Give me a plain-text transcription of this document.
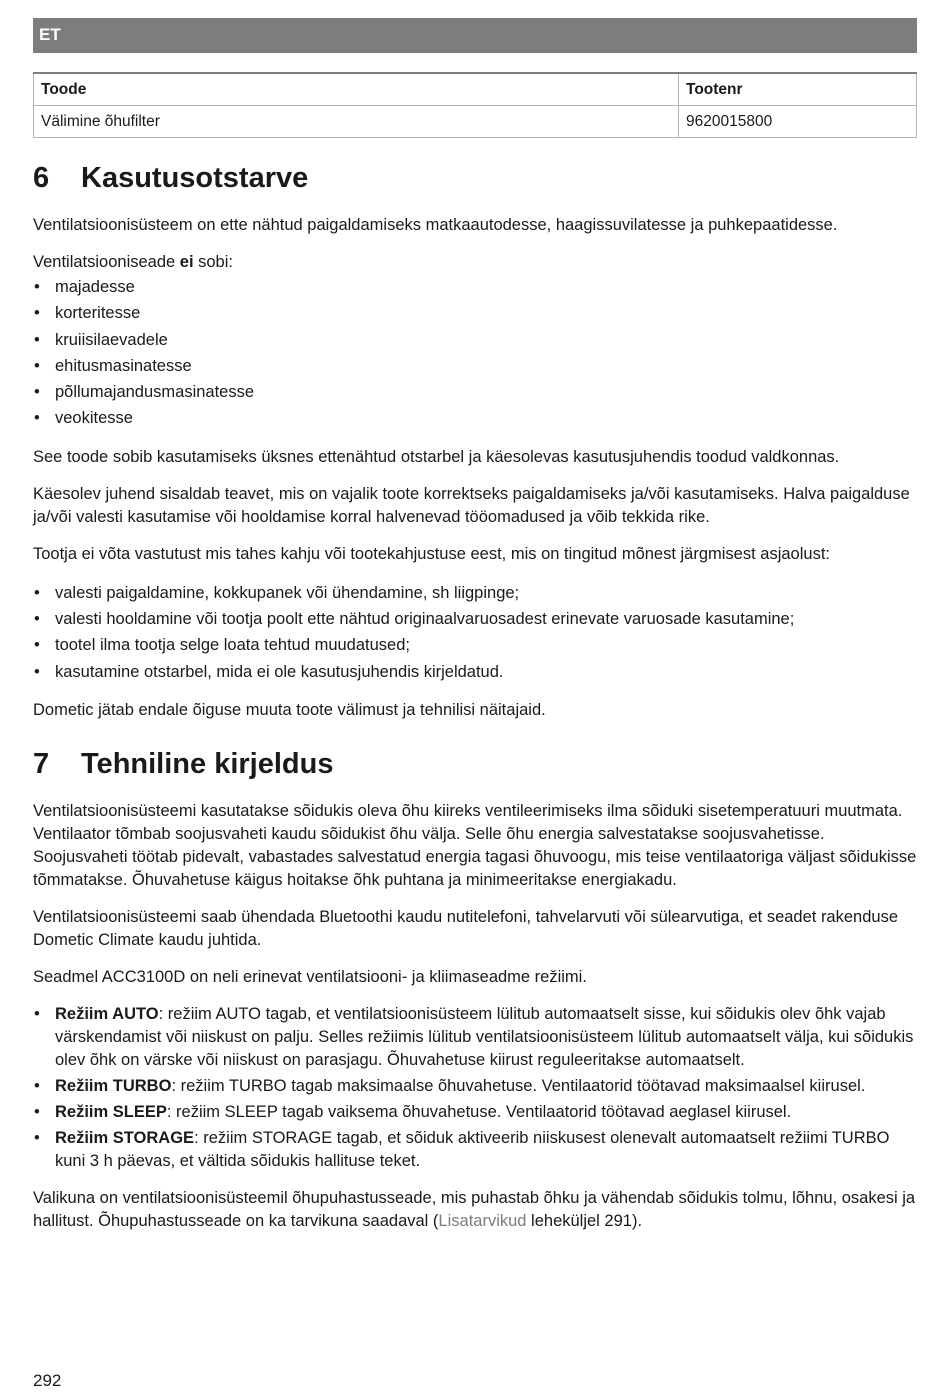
ET
Toode	Tootenr
Välimine õhufilter	9620015800
6	Kasutusotstarve

Ventilatsioonisüsteem on ette nähtud paigaldamiseks matkaautodesse, haagissuvilatesse ja puhkepaatidesse.

Ventilatsiooniseade ei sobi:

• majadesse
• korteritesse
• kruiisilaevadele
• ehitusmasinatesse
• põllumajandusmasinatesse
• veokitesse

See toode sobib kasutamiseks üksnes ettenähtud otstarbel ja käesolevas kasutusjuhendis toodud valdkonnas.

Käesolev juhend sisaldab teavet, mis on vajalik toote korrektseks paigaldamiseks ja/või kasutamiseks. Halva paigalduse ja/või valesti kasutamise või hooldamise korral halvenevad tööomadused ja võib tekkida rike.

Tootja ei võta vastutust mis tahes kahju või tootekahjustuse eest, mis on tingitud mõnest järgmisest asjaolust:

• valesti paigaldamine, kokkupanek või ühendamine, sh liigpinge;
• valesti hooldamine või tootja poolt ette nähtud originaalvaruosadest erinevate varuosade kasutamine;
• tootel ilma tootja selge loata tehtud muudatused;
• kasutamine otstarbel, mida ei ole kasutusjuhendis kirjeldatud.

Dometic jätab endale õiguse muuta toote välimust ja tehnilisi näitajaid.

7	Tehniline kirjeldus

Ventilatsioonisüsteemi kasutatakse sõidukis oleva õhu kiireks ventileerimiseks ilma sõiduki sisetemperatuuri muutmata. Ventilaator tõmbab soojusvaheti kaudu sõidukist õhu välja. Selle õhu energia salvestatakse soojusvahetisse. Soojusvaheti töötab pidevalt, vabastades salvestatud energia tagasi õhuvoogu, mis teise ventilaatoriga väljast sõidukisse tõmmatakse. Õhuvahetuse käigus hoitakse õhk puhtana ja minimeeritakse energiakadu.

Ventilatsioonisüsteemi saab ühendada Bluetoothi kaudu nutitelefoni, tahvelarvuti või sülearvutiga, et seadet rakenduse Dometic Climate kaudu juhtida.

Seadmel ACC3100D on neli erinevat ventilatsiooni- ja kliimaseadme režiimi.

• Režiim AUTO: režiim AUTO tagab, et ventilatsioonisüsteem lülitub automaatselt sisse, kui sõidukis olev õhk vajab värskendamist või niiskust on palju. Selles režiimis lülitub ventilatsioonisüsteem lülitub automaatselt välja, kui sõidukis olev õhk on värske või niiskust on parasjagu. Õhuvahetuse kiirust reguleeritakse automaatselt.
• Režiim TURBO: režiim TURBO tagab maksimaalse õhuvahetuse. Ventilaatorid töötavad maksimaalsel kiirusel.
• Režiim SLEEP: režiim SLEEP tagab vaiksema õhuvahetuse. Ventilaatorid töötavad aeglasel kiirusel.
• Režiim STORAGE: režiim STORAGE tagab, et sõiduk aktiveerib niiskusest olenevalt automaatselt režiimi TURBO kuni 3 h päevas, et vältida sõidukis hallituse teket.

Valikuna on ventilatsioonisüsteemil õhupuhastusseade, mis puhastab õhku ja vähendab sõidukis tolmu, lõhnu, osakesi ja hallitust. Õhupuhastusseade on ka tarvikuna saadaval (Lisatarvikud leheküljel 291).

292
